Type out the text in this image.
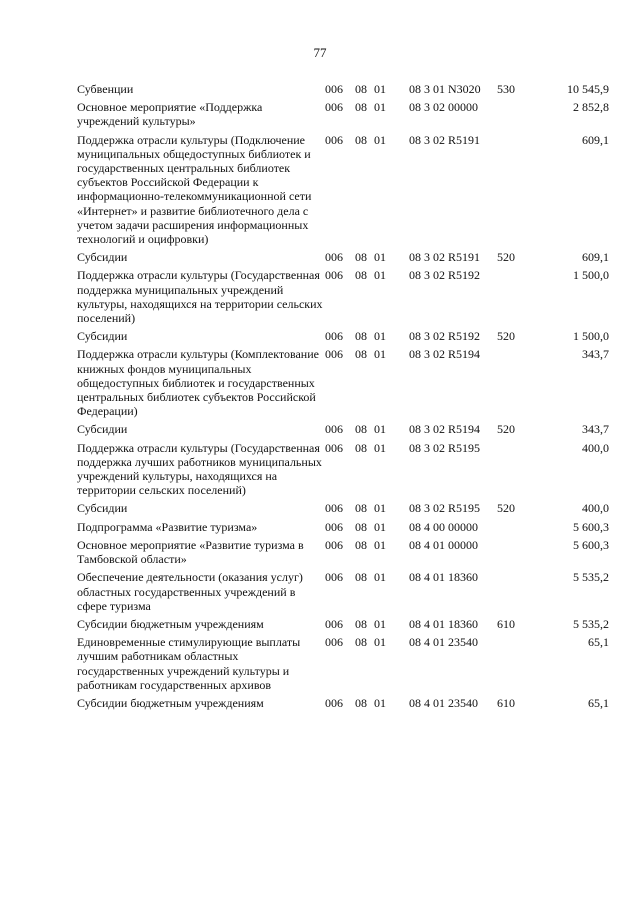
77
Субвенции	006	08	01	08 3 01 N3020	530	10 545,9
Основное мероприятие «Поддержка учреждений культуры»	006	08	01	08 3 02 00000		2 852,8
Поддержка отрасли культуры (Подключение муниципальных общедоступных библиотек и государственных центральных библиотек субъектов Российской Федерации к информационно-телекоммуникационной сети «Интернет» и развитие библиотечного дела с учетом задачи расширения информационных технологий и оцифровки)	006	08	01	08 3 02 R5191		609,1
Субсидии	006	08	01	08 3 02 R5191	520	609,1
Поддержка отрасли культуры (Государственная поддержка муниципальных учреждений культуры, находящихся на территории сельских поселений)	006	08	01	08 3 02 R5192		1 500,0
Субсидии	006	08	01	08 3 02 R5192	520	1 500,0
Поддержка отрасли культуры (Комплектование книжных фондов муниципальных общедоступных библиотек и государственных центральных библиотек субъектов Российской Федерации)	006	08	01	08 3 02 R5194		343,7
Субсидии	006	08	01	08 3 02 R5194	520	343,7
Поддержка отрасли культуры (Государственная поддержка лучших работников муниципальных учреждений культуры, находящихся на территории сельских поселений)	006	08	01	08 3 02 R5195		400,0
Субсидии	006	08	01	08 3 02 R5195	520	400,0
Подпрограмма «Развитие туризма»	006	08	01	08 4 00 00000		5 600,3
Основное мероприятие «Развитие туризма в Тамбовской области»	006	08	01	08 4 01 00000		5 600,3
Обеспечение деятельности (оказания услуг) областных государственных учреждений в сфере туризма	006	08	01	08 4 01 18360		5 535,2
Субсидии бюджетным учреждениям	006	08	01	08 4 01 18360	610	5 535,2
Единовременные стимулирующие выплаты лучшим работникам областных государственных учреждений культуры и работникам государственных архивов	006	08	01	08 4 01 23540		65,1
Субсидии бюджетным учреждениям	006	08	01	08 4 01 23540	610	65,1
